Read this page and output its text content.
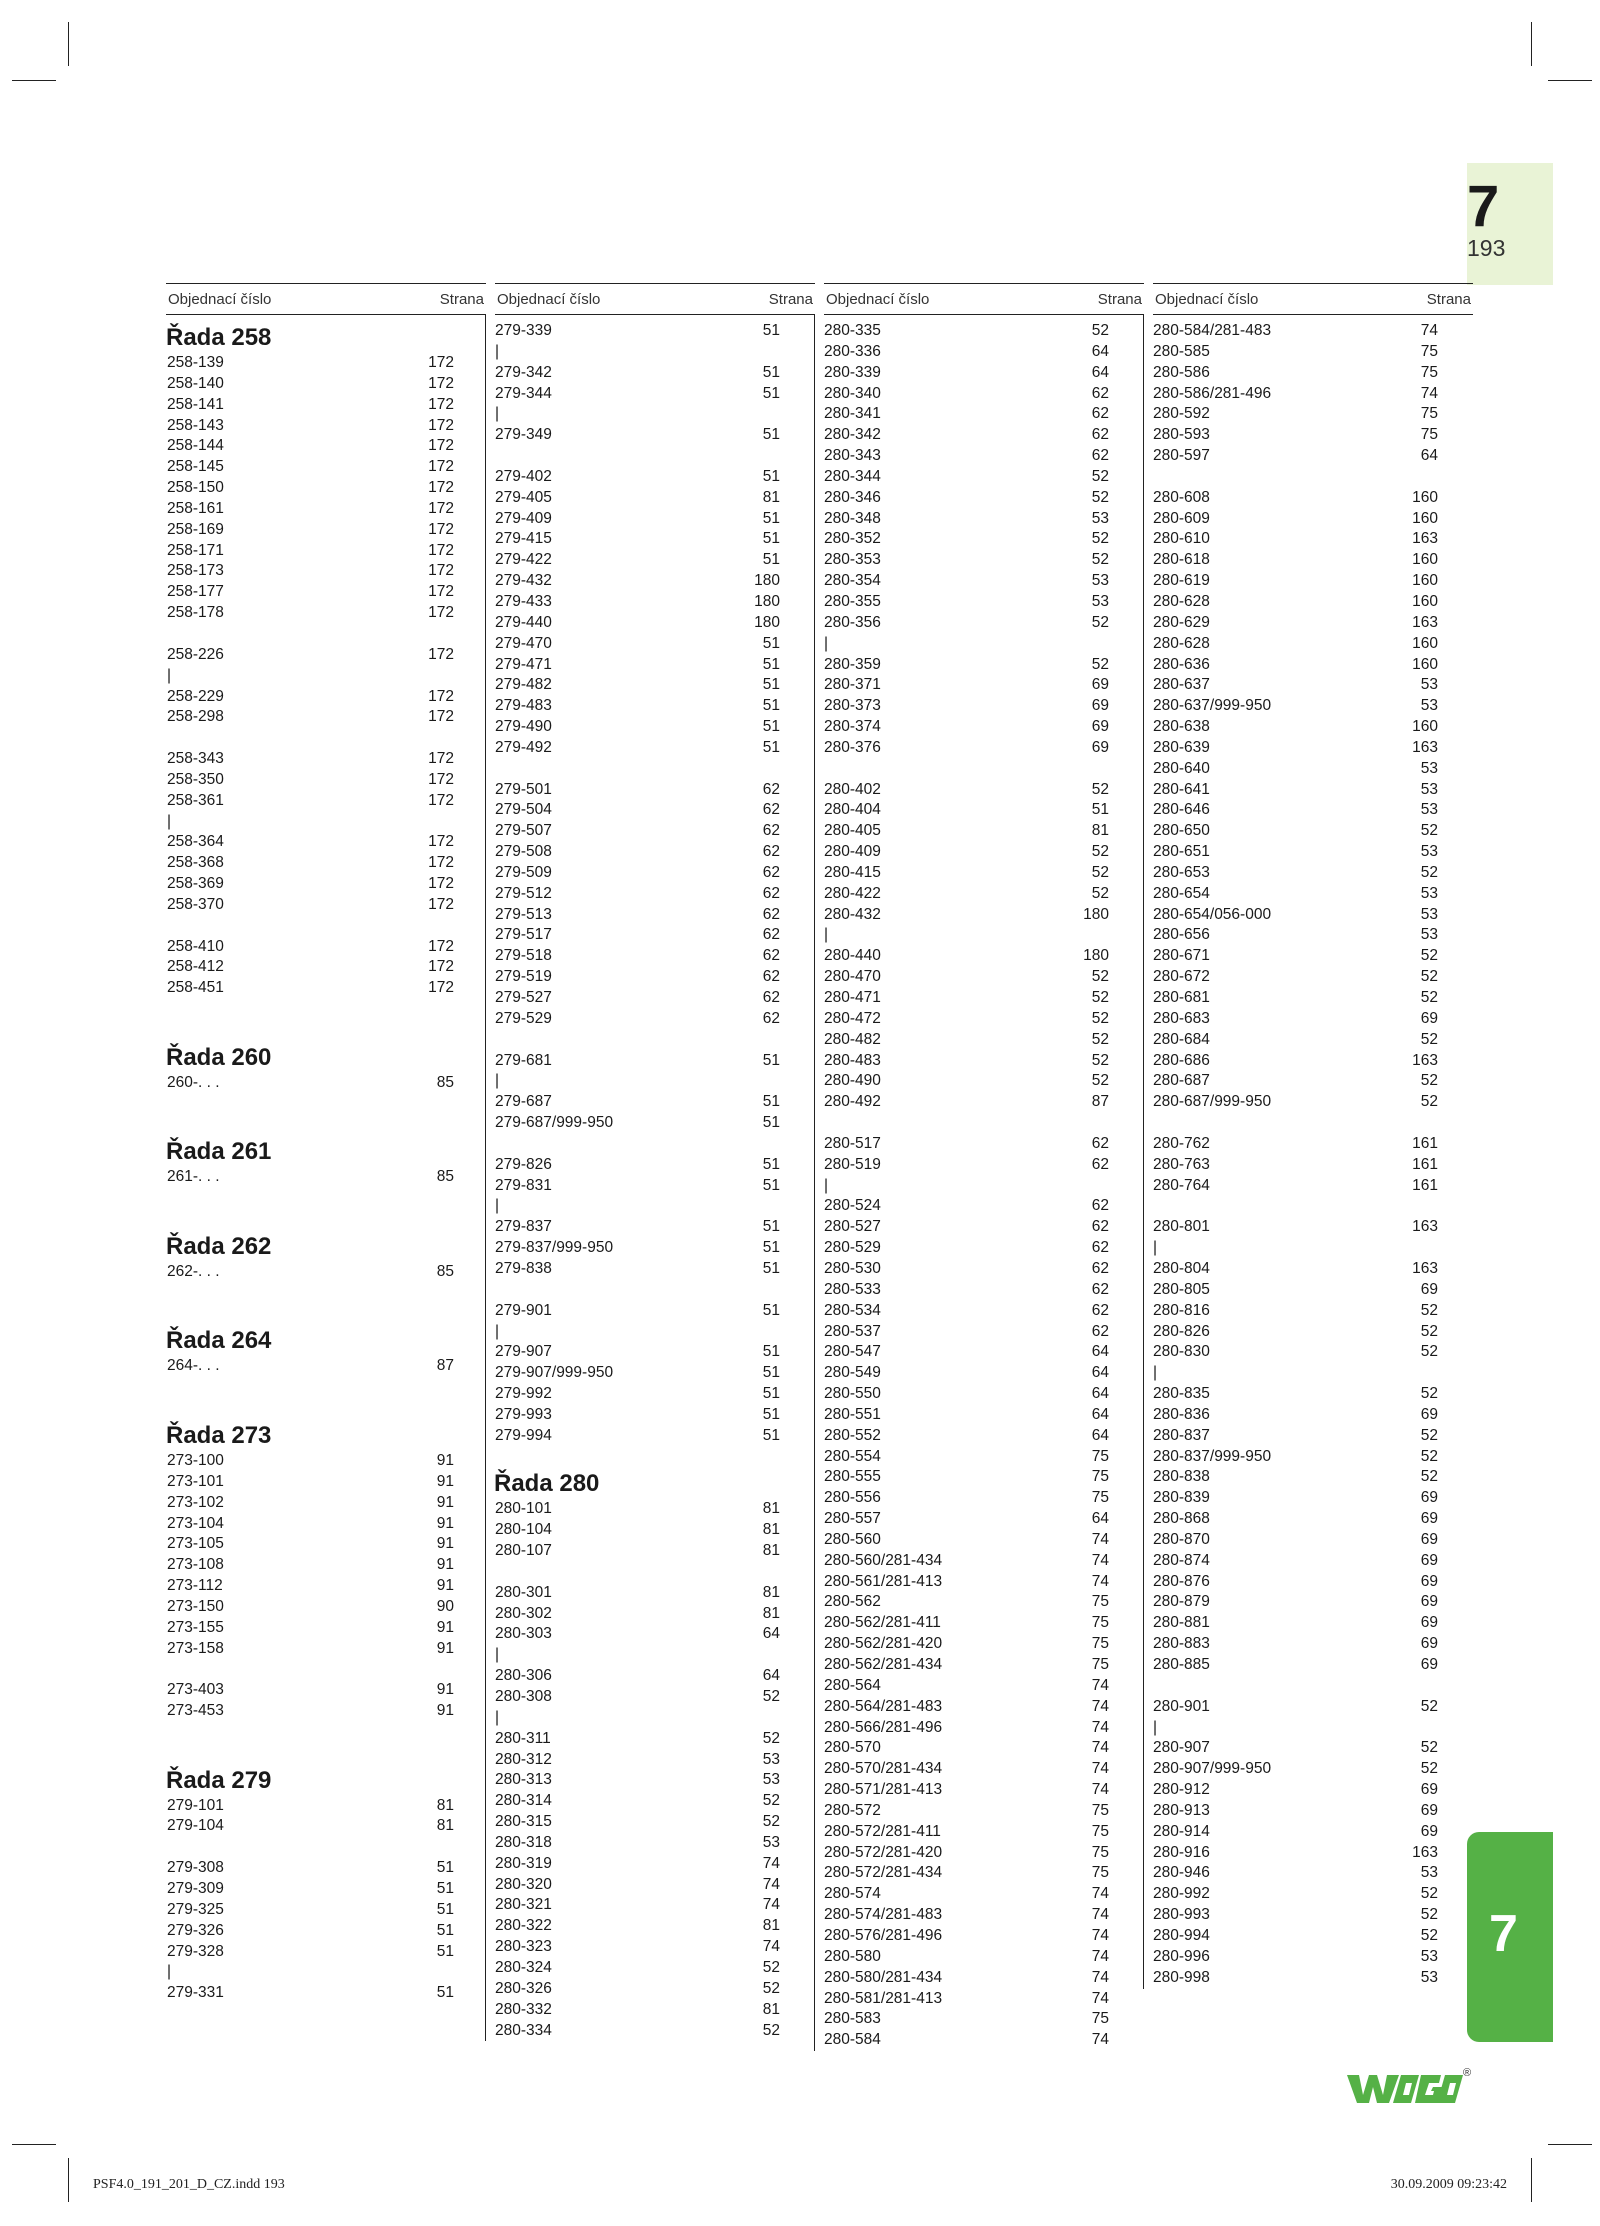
7
193
Objednací číslo	Strana
Řada 258
258-139	172
258-140	172
258-141	172
258-143	172
258-144	172
258-145	172
258-150	172
258-161	172
258-169	172
258-171	172
258-173	172
258-177	172
258-178	172
258-226	172
|
258-229	172
258-298	172
258-343	172
258-350	172
258-361	172
|
258-364	172
258-368	172
258-369	172
258-370	172
258-410	172
258-412	172
258-451	172
Řada 260
260-. . .	85
Řada 261
261-. . .	85
Řada 262
262-. . .	85
Řada 264
264-. . .	87
Řada 273
273-100	91
273-101	91
273-102	91
273-104	91
273-105	91
273-108	91
273-112	91
273-150	90
273-155	91
273-158	91
273-403	91
273-453	91
Řada 279
279-101	81
279-104	81
279-308	51
279-309	51
279-325	51
279-326	51
279-328	51
|
279-331	51
Objednací číslo	Strana
279-339	51
|
279-342	51
279-344	51
|
279-349	51
279-402	51
279-405	81
279-409	51
279-415	51
279-422	51
279-432	180
279-433	180
279-440	180
279-470	51
279-471	51
279-482	51
279-483	51
279-490	51
279-492	51
279-501	62
279-504	62
279-507	62
279-508	62
279-509	62
279-512	62
279-513	62
279-517	62
279-518	62
279-519	62
279-527	62
279-529	62
279-681	51
|
279-687	51
279-687/999-950	51
279-826	51
279-831	51
|
279-837	51
279-837/999-950	51
279-838	51
279-901	51
|
279-907	51
279-907/999-950	51
279-992	51
279-993	51
279-994	51
Řada 280
280-101	81
280-104	81
280-107	81
280-301	81
280-302	81
280-303	64
|
280-306	64
280-308	52
|
280-311	52
280-312	53
280-313	53
280-314	52
280-315	52
280-318	53
280-319	74
280-320	74
280-321	74
280-322	81
280-323	74
280-324	52
280-326	52
280-332	81
280-334	52
Objednací číslo	Strana
280-335	52
280-336	64
280-339	64
280-340	62
280-341	62
280-342	62
280-343	62
280-344	52
280-346	52
280-348	53
280-352	52
280-353	52
280-354	53
280-355	53
280-356	52
|
280-359	52
280-371	69
280-373	69
280-374	69
280-376	69
280-402	52
280-404	51
280-405	81
280-409	52
280-415	52
280-422	52
280-432	180
|
280-440	180
280-470	52
280-471	52
280-472	52
280-482	52
280-483	52
280-490	52
280-492	87
280-517	62
280-519	62
|
280-524	62
280-527	62
280-529	62
280-530	62
280-533	62
280-534	62
280-537	62
280-547	64
280-549	64
280-550	64
280-551	64
280-552	64
280-554	75
280-555	75
280-556	75
280-557	64
280-560	74
280-560/281-434	74
280-561/281-413	74
280-562	75
280-562/281-411	75
280-562/281-420	75
280-562/281-434	75
280-564	74
280-564/281-483	74
280-566/281-496	74
280-570	74
280-570/281-434	74
280-571/281-413	74
280-572	75
280-572/281-411	75
280-572/281-420	75
280-572/281-434	75
280-574	74
280-574/281-483	74
280-576/281-496	74
280-580	74
280-580/281-434	74
280-581/281-413	74
280-583	75
280-584	74
Objednací číslo	Strana
280-584/281-483	74
280-585	75
280-586	75
280-586/281-496	74
280-592	75
280-593	75
280-597	64
280-608	160
280-609	160
280-610	163
280-618	160
280-619	160
280-628	160
280-629	163
280-628	160
280-636	160
280-637	53
280-637/999-950	53
280-638	160
280-639	163
280-640	53
280-641	53
280-646	53
280-650	52
280-651	53
280-653	52
280-654	53
280-654/056-000	53
280-656	53
280-671	52
280-672	52
280-681	52
280-683	69
280-684	52
280-686	163
280-687	52
280-687/999-950	52
280-762	161
280-763	161
280-764	161
280-801	163
|
280-804	163
280-805	69
280-816	52
280-826	52
280-830	52
|
280-835	52
280-836	69
280-837	52
280-837/999-950	52
280-838	52
280-839	69
280-868	69
280-870	69
280-874	69
280-876	69
280-879	69
280-881	69
280-883	69
280-885	69
280-901	52
|
280-907	52
280-907/999-950	52
280-912	69
280-913	69
280-914	69
280-916	163
280-946	53
280-992	52
280-993	52
280-994	52
280-996	53
280-998	53
7
®
PSF4.0_191_201_D_CZ.indd 193	30.09.2009 09:23:42
